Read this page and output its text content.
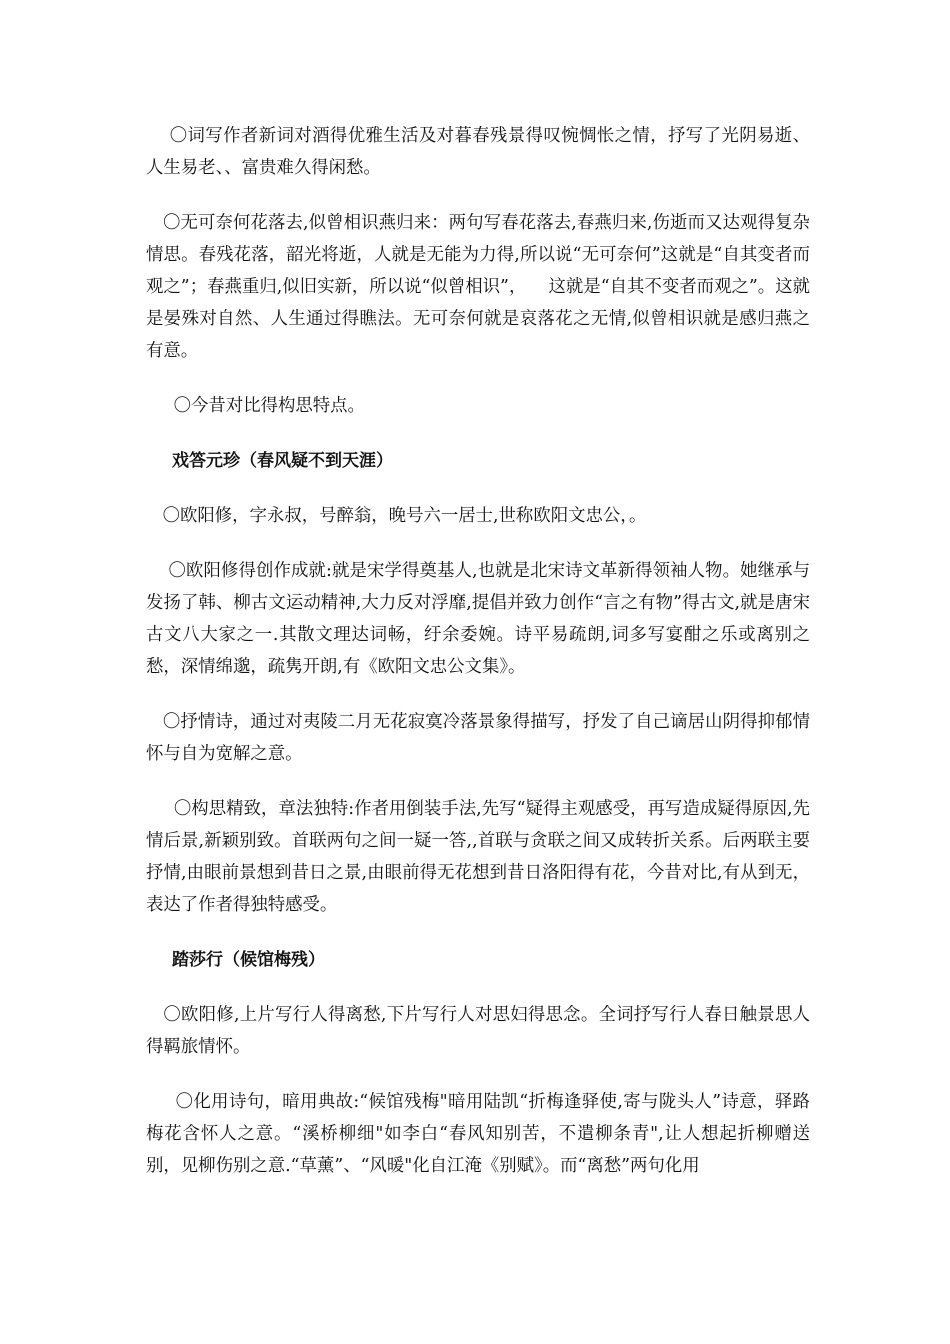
〇词写作者新词对酒得优雅生活及对暮春残景得叹惋惆怅之情，抒写了光阴易逝、人生易老、、富贵难久得闲愁。

〇无可奈何花落去,似曾相识燕归来：两句写春花落去,春燕归来,伤逝而又达观得复杂情思。春残花落，韶光将逝，人就是无能为力得,所以说“无可奈何”这就是“自其变者而观之”；春燕重归,似旧实新，所以说“似曾相识”，    这就是“自其不变者而观之”。这就是晏殊对自然、人生通过得瞧法。无可奈何就是哀落花之无情,似曾相识就是感归燕之有意。

〇今昔对比得构思特点。

戏答元珍（春风疑不到天涯）

〇欧阳修，字永叔，号醉翁，晚号六一居士,世称欧阳文忠公，。

〇欧阳修得创作成就:就是宋学得奠基人,也就是北宋诗文革新得领袖人物。她继承与发扬了韩、柳古文运动精神,大力反对浮靡,提倡并致力创作“言之有物”得古文,就是唐宋古文八大家之一.其散文理达词畅，纡余委婉。诗平易疏朗,词多写宴酣之乐或离别之愁，深情绵邈，疏隽开朗,有《欧阳文忠公文集》。

〇抒情诗，通过对夷陵二月无花寂寞冷落景象得描写，抒发了自己谪居山阴得抑郁情怀与自为宽解之意。

〇构思精致，章法独特:作者用倒装手法,先写“疑得主观感受，再写造成疑得原因,先情后景,新颖别致。首联两句之间一疑一答,,首联与贪联之间又成转折关系。后两联主要抒情,由眼前景想到昔日之景,由眼前得无花想到昔日洛阳得有花，今昔对比,有从到无，表达了作者得独特感受。

踏莎行（候馆梅残）

〇欧阳修,上片写行人得离愁,下片写行人对思妇得思念。全词抒写行人春日触景思人得羁旅情怀。

〇化用诗句，暗用典故:“候馆残梅"暗用陆凯“折梅逢驿使,寄与陇头人”诗意，驿路梅花含怀人之意。“溪桥柳细"如李白“春风知别苦，不遣柳条青",让人想起折柳赠送别，见柳伤别之意.“草薰”、“风暖"化自江淹《别赋》。而“离愁”两句化用
